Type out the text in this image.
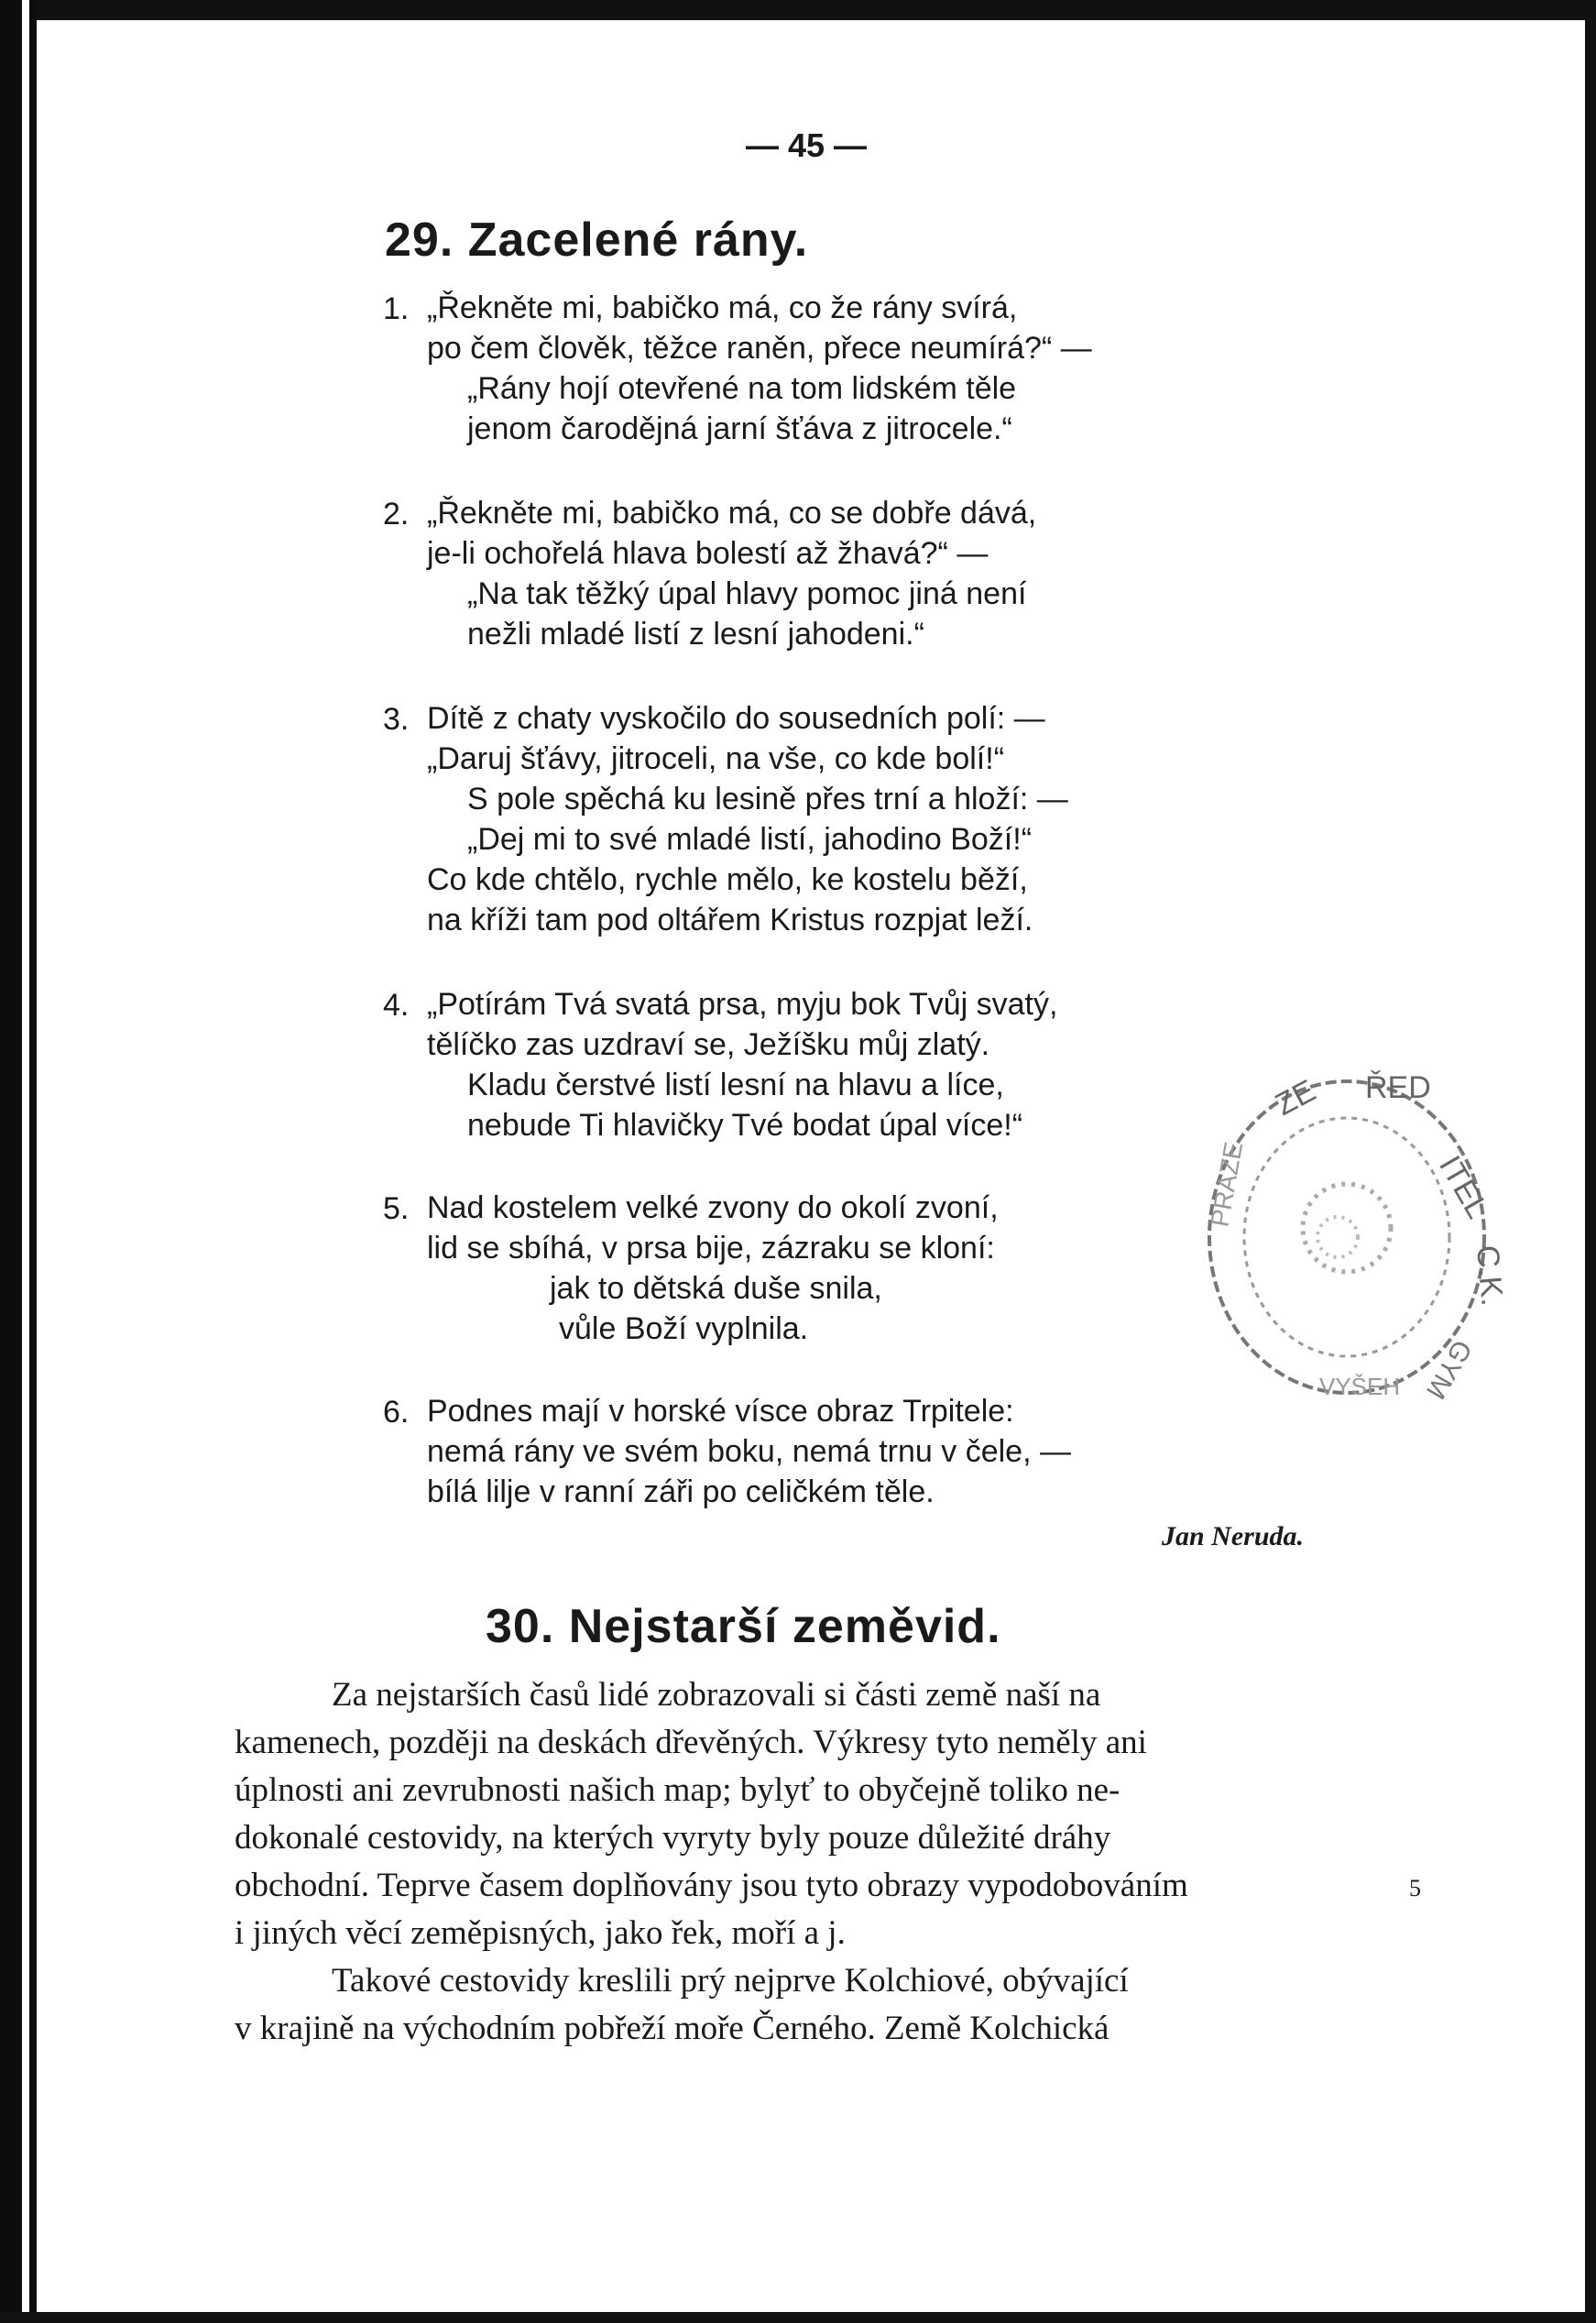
— 45 —
29. Zacelené rány.
1. „Řekněte mi, babičko má, co že rány svírá,
po čem člověk, těžce raněn, přece neumírá?“ —
„Rány hojí otevřené na tom lidském těle
jenom čarodějná jarní šťáva z jitrocele.“
2. „Řekněte mi, babičko má, co se dobře dává,
je-li ochořelá hlava bolestí až žhavá?“ —
„Na tak těžký úpal hlavy pomoc jiná není
nežli mladé listí z lesní jahodeni.“
3. Dítě z chaty vyskočilo do sousedních polí: —
„Daruj šťávy, jitroceli, na vše, co kde bolí!“
S pole spěchá ku lesině přes trní a hloží: —
„Dej mi to své mladé listí, jahodino Boží!“
Co kde chtělo, rychle mělo, ke kostelu běží,
na kříži tam pod oltářem Kristus rozpjat leží.
4. „Potírám Tvá svatá prsa, myju bok Tvůj svatý,
tělíčko zas uzdraví se, Ježíšku můj zlatý.
Kladu čerstvé listí lesní na hlavu a líce,
nebude Ti hlavičky Tvé bodat úpal více!“
5. Nad kostelem velké zvony do okolí zvoní,
lid se sbíhá, v prsa bije, zázraku se kloní:
jak to dětská duše snila,
vůle Boží vyplnila.
6. Podnes mají v horské vísce obraz Trpitele:
nemá rány ve svém boku, nemá trnu v čele, —
bílá lilje v ranní záři po celičkém těle.
Jan Neruda.
ZE ŘED
ITEL
C.K.
GYM
VYŠEH
PRAZE
30. Nejstarší zeměvid.
Za nejstarších časů lidé zobrazovali si části země naší na
kamenech, později na deskách dřevěných. Výkresy tyto neměly ani
úplnosti ani zevrubnosti našich map; bylyť to obyčejně toliko ne-
dokonalé cestovidy, na kterých vyryty byly pouze důležité dráhy
obchodní. Teprve časem doplňovány jsou tyto obrazy vypodobováním
i jiných věcí zeměpisných, jako řek, moří a j.
Takové cestovidy kreslili prý nejprve Kolchiové, obývající
v krajině na východním pobřeží moře Černého. Země Kolchická
5
